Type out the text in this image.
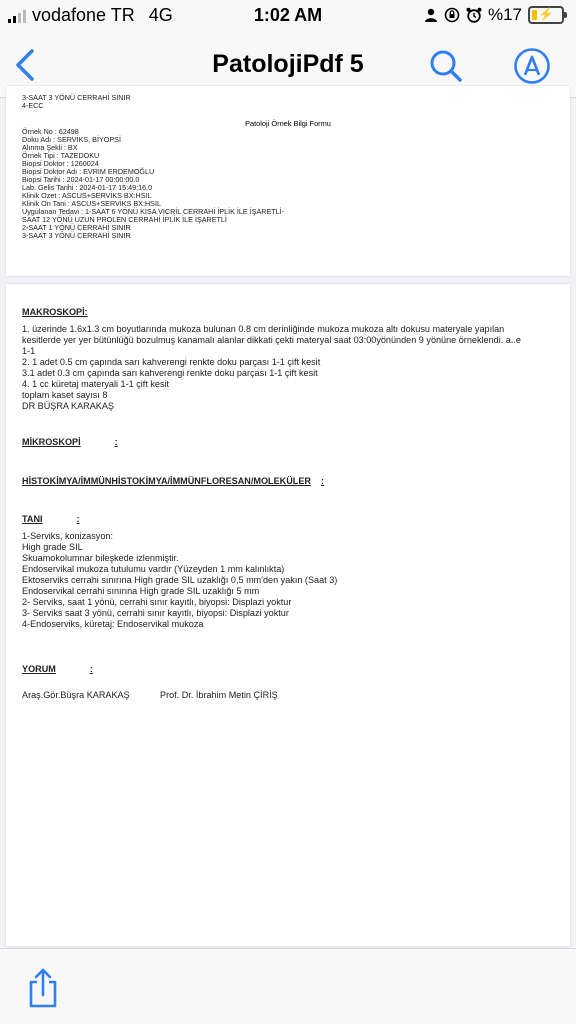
vodafone TR 4G	1:02 AM	%17	⚡
PatolojiPdf 5
3-SAAT 3 YÖNÜ CERRAHİ SINIR
4-ECC
Patoloji Örnek Bilgi Formu
Örnek No : 62498
Doku Adı : SERVİKS, BİYOPSİ
Alınma Şekli : BX
Örnek Tipi : TAZEDOKU
Biopsi Doktor : 1260024
Biopsi Doktor Adı : EVRİM ERDEMOĞLU
Biopsi Tarihi : 2024-01-17 00:00:00.0
Lab. Gelis Tarihi : 2024-01-17 15:49:16.0
Klinik Ozet : ASCUS+SERVİKS BX:HSIL
Klinik On Tani : ASCUS+SERVİKS BX:HSIL
Uygulanan Tedavi : 1-SAAT 6 YÖNÜ KISA VICRİL CERRAHİ İPLİK İLE İŞARETLİ-
SAAT 12 YÖNÜ UZUN PROLEN CERRAHİ İPLİK İLE İŞARETLİ
2-SAAT 1 YÖNÜ CERRAHİ SINIR
3-SAAT 3 YÖNÜ CERRAHİ SINIR
MAKROSKOPİ:
1. üzerinde 1.6x1.3 cm boyutlarında mukoza bulunan 0.8 cm derinliğinde mukoza mukoza altı dokusu materyale yapılan
kesitlerde yer yer bütünlüğü bozulmuş kanamalı alanlar dikkati çekti materyal saat 03:00yönünden 9 yönüne örneklendi. a..e
1-1
2. 1 adet 0.5 cm çapında sarı kahverengi renkte doku parçası 1-1 çift kesit
3.1 adet 0.3 cm çapında sarı kahverengi renkte doku parçası 1-1 çift kesit
4. 1 cc küretaj materyali 1-1 çift kesit
toplam kaset sayısı 8
DR BÜŞRA KARAKAŞ
MİKROSKOPİ	:
HİSTOKİMYA/İMMÜNHİSTOKİMYA/İMMÜNFLORESAN/MOLEKÜLER :
TANI	:
1-Serviks, konizasyon:
High grade SIL
Skuamokolumnar bileşkede izlenmiştir.
Endoservikal mukoza tutulumu vardır (Yüzeyden 1 mm kalınlıkta)
Ektoserviks cerrahi sınırına High grade SIL uzaklığı 0,5 mm'den yakın (Saat 3)
Endoservikal cerrahi sınırına High grade SIL uzaklığı 5 mm
2- Serviks, saat 1 yönü, cerrahi sınır kayıtlı, biyopsi: Displazi yoktur
3- Serviks saat 3 yönü, cerrahi sınır kayıtlı, biyopsi: Displazi yoktur
4-Endoserviks, küretaj: Endoservikal mukoza
YORUM	:
Araş.Gör.Büşra KARAKAŞ	Prof. Dr. İbrahim Metin ÇİRİŞ
